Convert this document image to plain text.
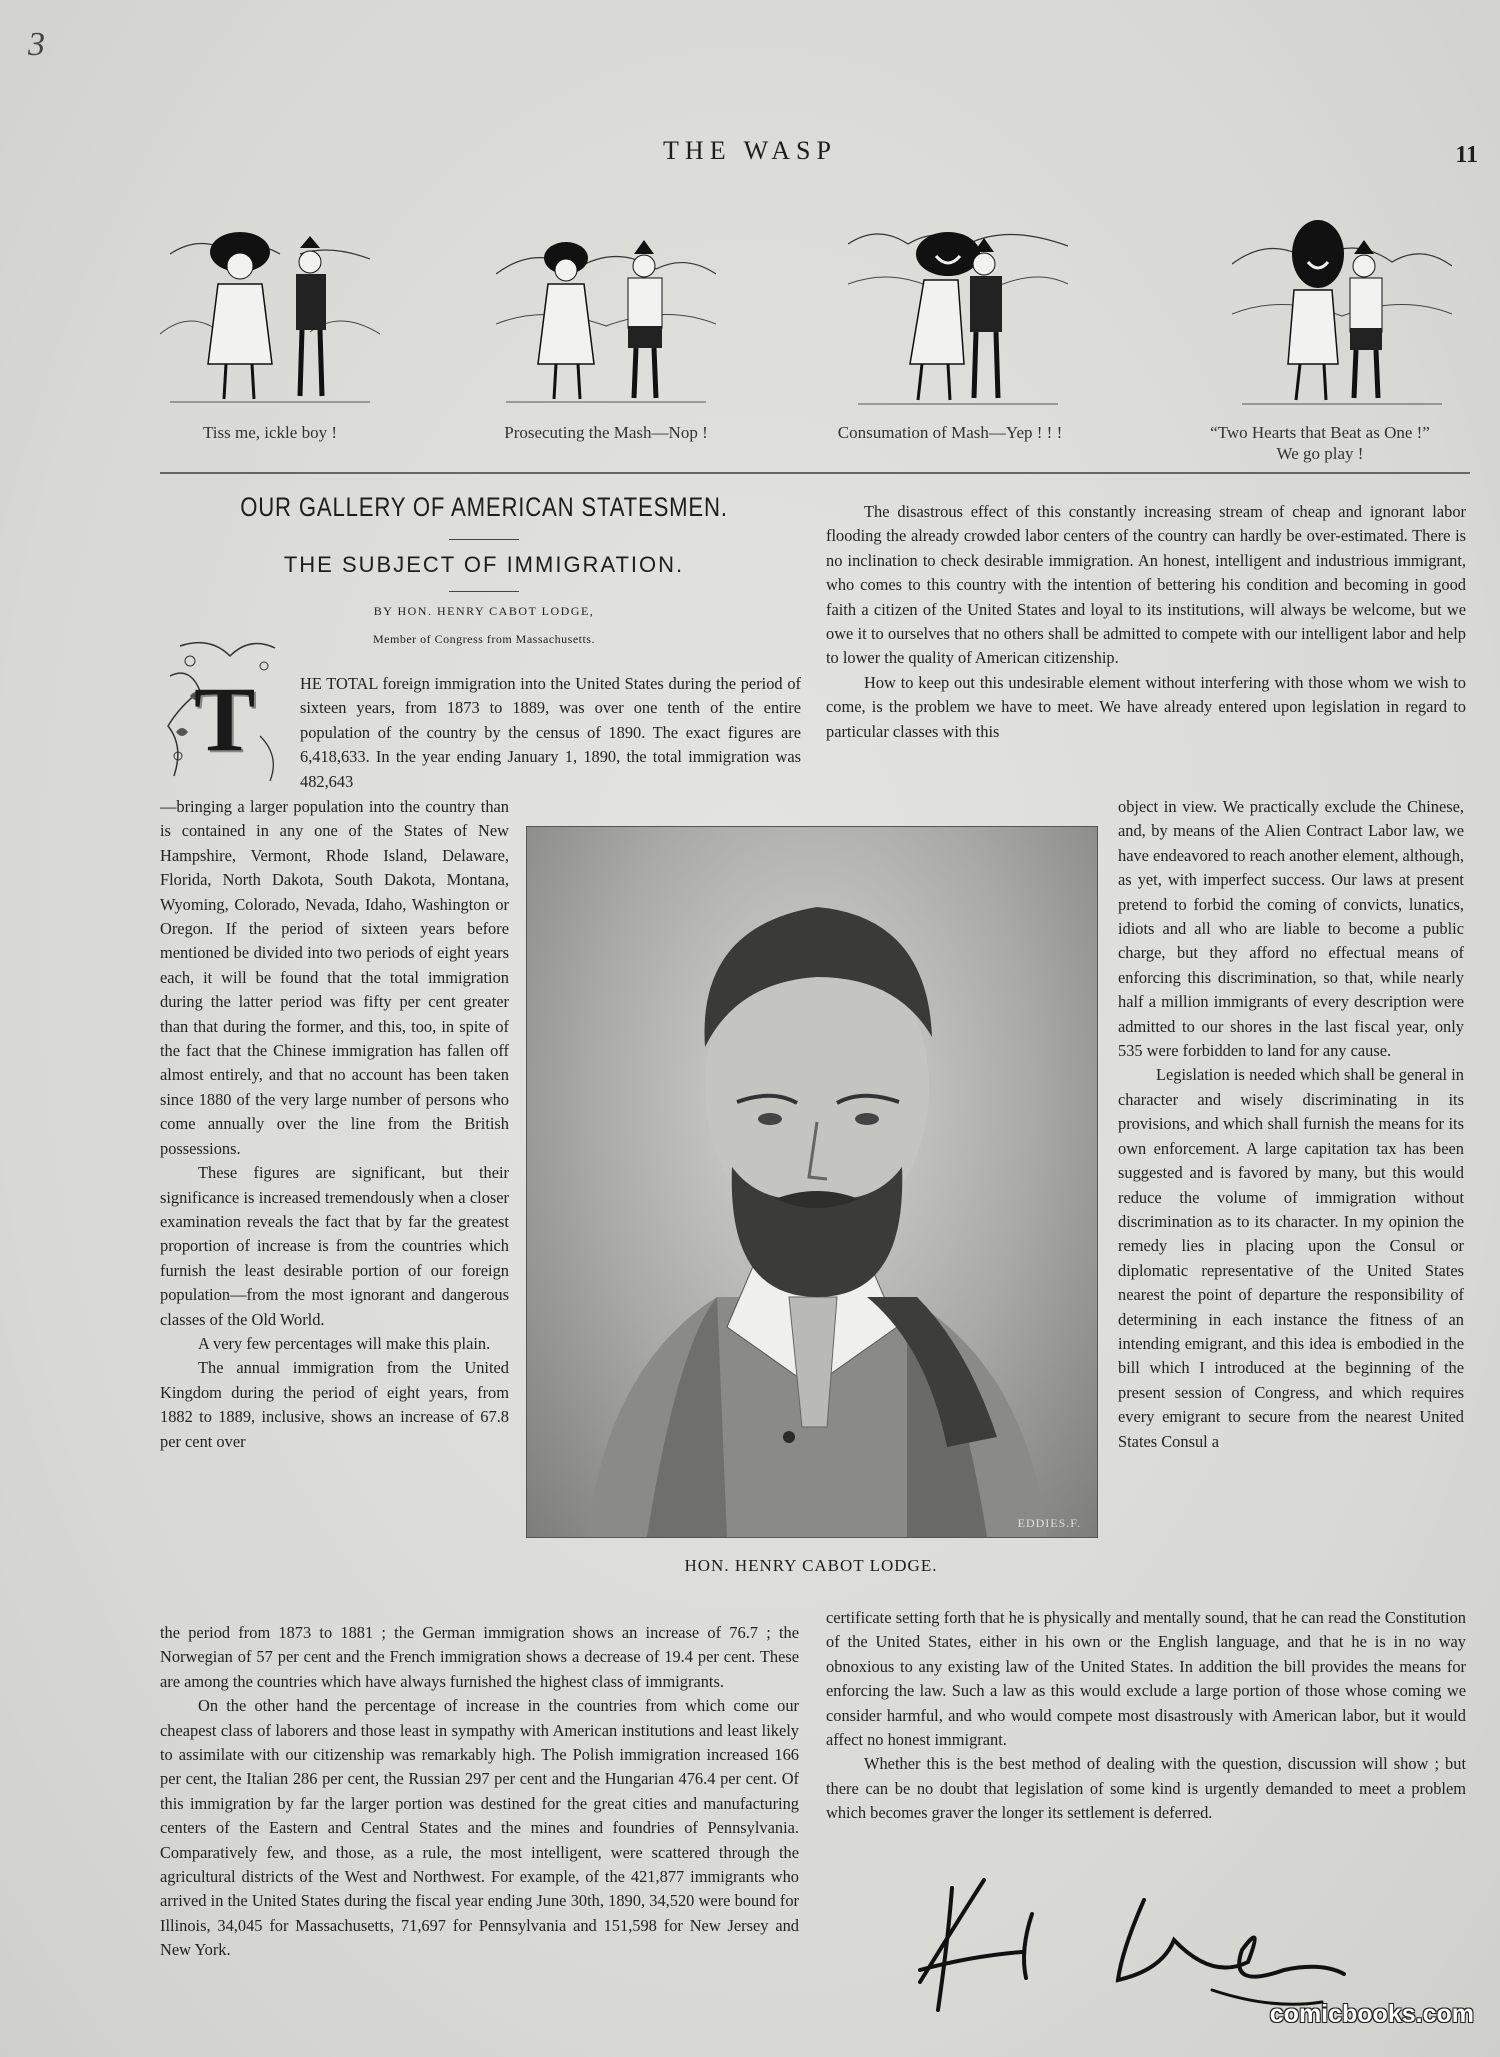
3
THE WASP	11
Tiss me, ickle boy !	Prosecuting the Mash—Nop !	Consumation of Mash—Yep ! ! !	“Two Hearts that Beat as One !”
We go play !
OUR GALLERY OF AMERICAN STATESMEN.
THE SUBJECT OF IMMIGRATION.
BY HON. HENRY CABOT LODGE,
Member of Congress from Massachusetts.
T	HE TOTAL foreign immigration into the United States during the period of sixteen years, from 1873 to 1889, was over one tenth of the entire population of the country by the census of 1890. The exact figures are 6,418,633. In the year ending January 1, 1890, the total immigration was 482,643

—bringing a larger population into the country than is contained in any one of the States of New Hampshire, Vermont, Rhode Island, Delaware, Florida, North Dakota, South Dakota, Montana, Wyoming, Colorado, Nevada, Idaho, Washington or Oregon. If the period of sixteen years before mentioned be divided into two periods of eight years each, it will be found that the total immigration during the latter period was fifty per cent greater than that during the former, and this, too, in spite of the fact that the Chinese immigration has fallen off almost entirely, and that no account has been taken since 1880 of the very large number of persons who come annually over the line from the British possessions.

These figures are significant, but their significance is increased tremendously when a closer examination reveals the fact that by far the greatest proportion of increase is from the countries which furnish the least desirable portion of our foreign population—from the most ignorant and dangerous classes of the Old World.

A very few percentages will make this plain.

The annual immigration from the United Kingdom during the period of eight years, from 1882 to 1889, inclusive, shows an increase of 67.8 per cent over

the period from 1873 to 1881 ; the German immigration shows an increase of 76.7 ; the Norwegian of 57 per cent and the French immigration shows a decrease of 19.4 per cent. These are among the countries which have always furnished the highest class of immigrants.

On the other hand the percentage of increase in the countries from which come our cheapest class of laborers and those least in sympathy with American institutions and least likely to assimilate with our citizenship was remarkably high. The Polish immigration increased 166 per cent, the Italian 286 per cent, the Russian 297 per cent and the Hungarian 476.4 per cent. Of this immigration by far the larger portion was destined for the great cities and manufacturing centers of the Eastern and Central States and the mines and foundries of Pennsylvania. Comparatively few, and those, as a rule, the most intelligent, were scattered through the agricultural districts of the West and Northwest. For example, of the 421,877 immigrants who arrived in the United States during the fiscal year ending June 30th, 1890, 34,520 were bound for Illinois, 34,045 for Massachusetts, 71,697 for Pennsylvania and 151,598 for New Jersey and New York.

The disastrous effect of this constantly increasing stream of cheap and ignorant labor flooding the already crowded labor centers of the country can hardly be over-estimated. There is no inclination to check desirable immigration. An honest, intelligent and industrious immigrant, who comes to this country with the intention of bettering his condition and becoming in good faith a citizen of the United States and loyal to its institutions, will always be welcome, but we owe it to ourselves that no others shall be admitted to compete with our intelligent labor and help to lower the quality of American citizenship.

How to keep out this undesirable element without interfering with those whom we wish to come, is the problem we have to meet. We have already entered upon legislation in regard to particular classes with this

object in view. We practically exclude the Chinese, and, by means of the Alien Contract Labor law, we have endeavored to reach another element, although, as yet, with imperfect success. Our laws at present pretend to forbid the coming of convicts, lunatics, idiots and all who are liable to become a public charge, but they afford no effectual means of enforcing this discrimination, so that, while nearly half a million immigrants of every description were admitted to our shores in the last fiscal year, only 535 were forbidden to land for any cause.

Legislation is needed which shall be general in character and wisely discriminating in its provisions, and which shall furnish the means for its own enforcement. A large capitation tax has been suggested and is favored by many, but this would reduce the volume of immigration without discrimination as to its character. In my opinion the remedy lies in placing upon the Consul or diplomatic representative of the United States nearest the point of departure the responsibility of determining in each instance the fitness of an intending emigrant, and this idea is embodied in the bill which I introduced at the beginning of the present session of Congress, and which requires every emigrant to secure from the nearest United States Consul a

certificate setting forth that he is physically and mentally sound, that he can read the Constitution of the United States, either in his own or the English language, and that he is in no way obnoxious to any existing law of the United States. In addition the bill provides the means for enforcing the law. Such a law as this would exclude a large portion of those whose coming we consider harmful, and who would compete most disastrously with American labor, but it would affect no honest immigrant.

Whether this is the best method of dealing with the question, discussion will show ; but there can be no doubt that legislation of some kind is urgently demanded to meet a problem which becomes graver the longer its settlement is deferred.

EDDIES.F.
HON. HENRY CABOT LODGE.
comicbooks.com
